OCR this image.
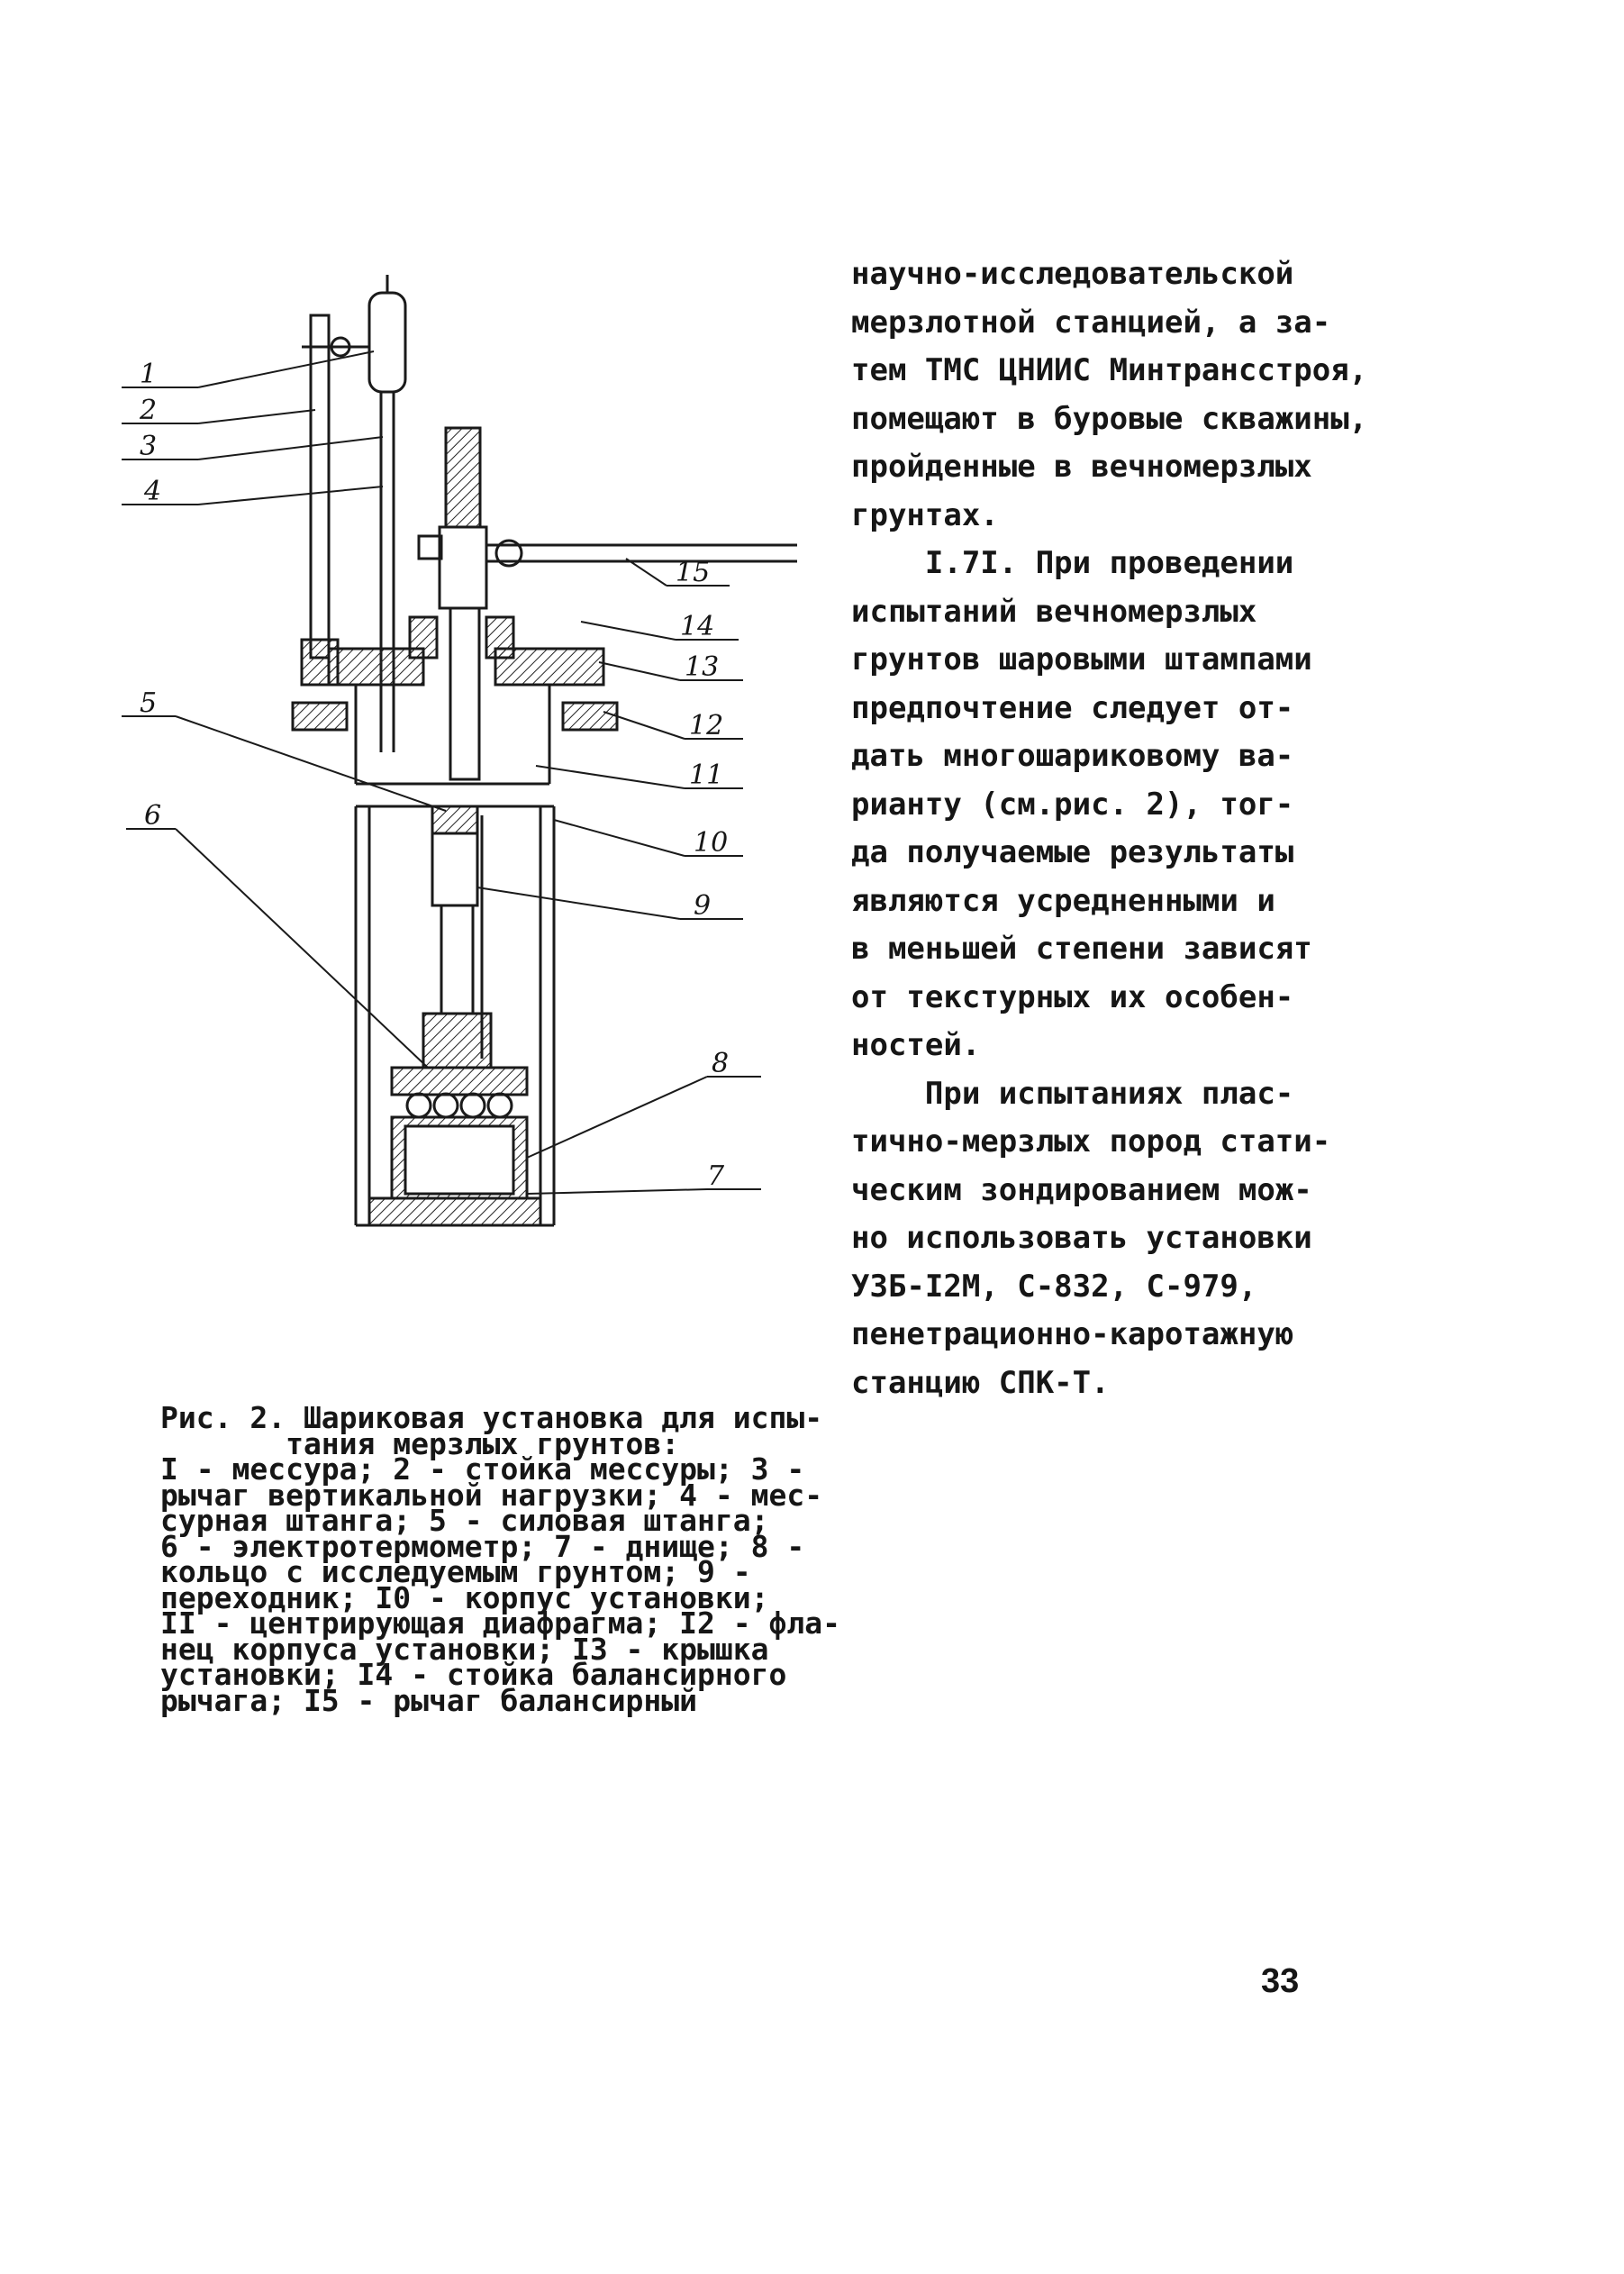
1
2
3
4
5
6
7
8
9
10
11
12
13
14
15
научно-исследовательской
мерзлотной станцией, а за-
тем ТМС ЦНИИС Минтрансстроя,
помещают в буровые скважины,
пройденные в вечномерзлых
грунтах.
I.7I. При проведении
испытаний вечномерзлых
грунтов шаровыми штампами
предпочтение следует от-
дать многошариковому ва-
рианту (см.рис. 2), тог-
да получаемые результаты
являются усредненными и
в меньшей степени зависят
от текстурных их особен-
ностей.
При испытаниях плас-
тично-мерзлых пород стати-
ческим зондированием мож-
но использовать установки
УЗБ-I2М, С-832, С-979,
пенетрационно-каротажную
станцию СПК-Т.
Рис. 2. Шариковая установка для испы-
тания мерзлых грунтов:
I - мессура; 2 - стойка мессуры; 3 -
рычаг вертикальной нагрузки; 4 - мес-
сурная штанга; 5 - силовая штанга;
6 - электротермометр; 7 - днище; 8 -
кольцо с исследуемым грунтом; 9 -
переходник; I0 - корпус установки;
II - центрирующая диафрагма; I2 - фла-
нец корпуса установки; I3 - крышка
установки; I4 - стойка балансирного
рычага; I5 - рычаг балансирный
33
